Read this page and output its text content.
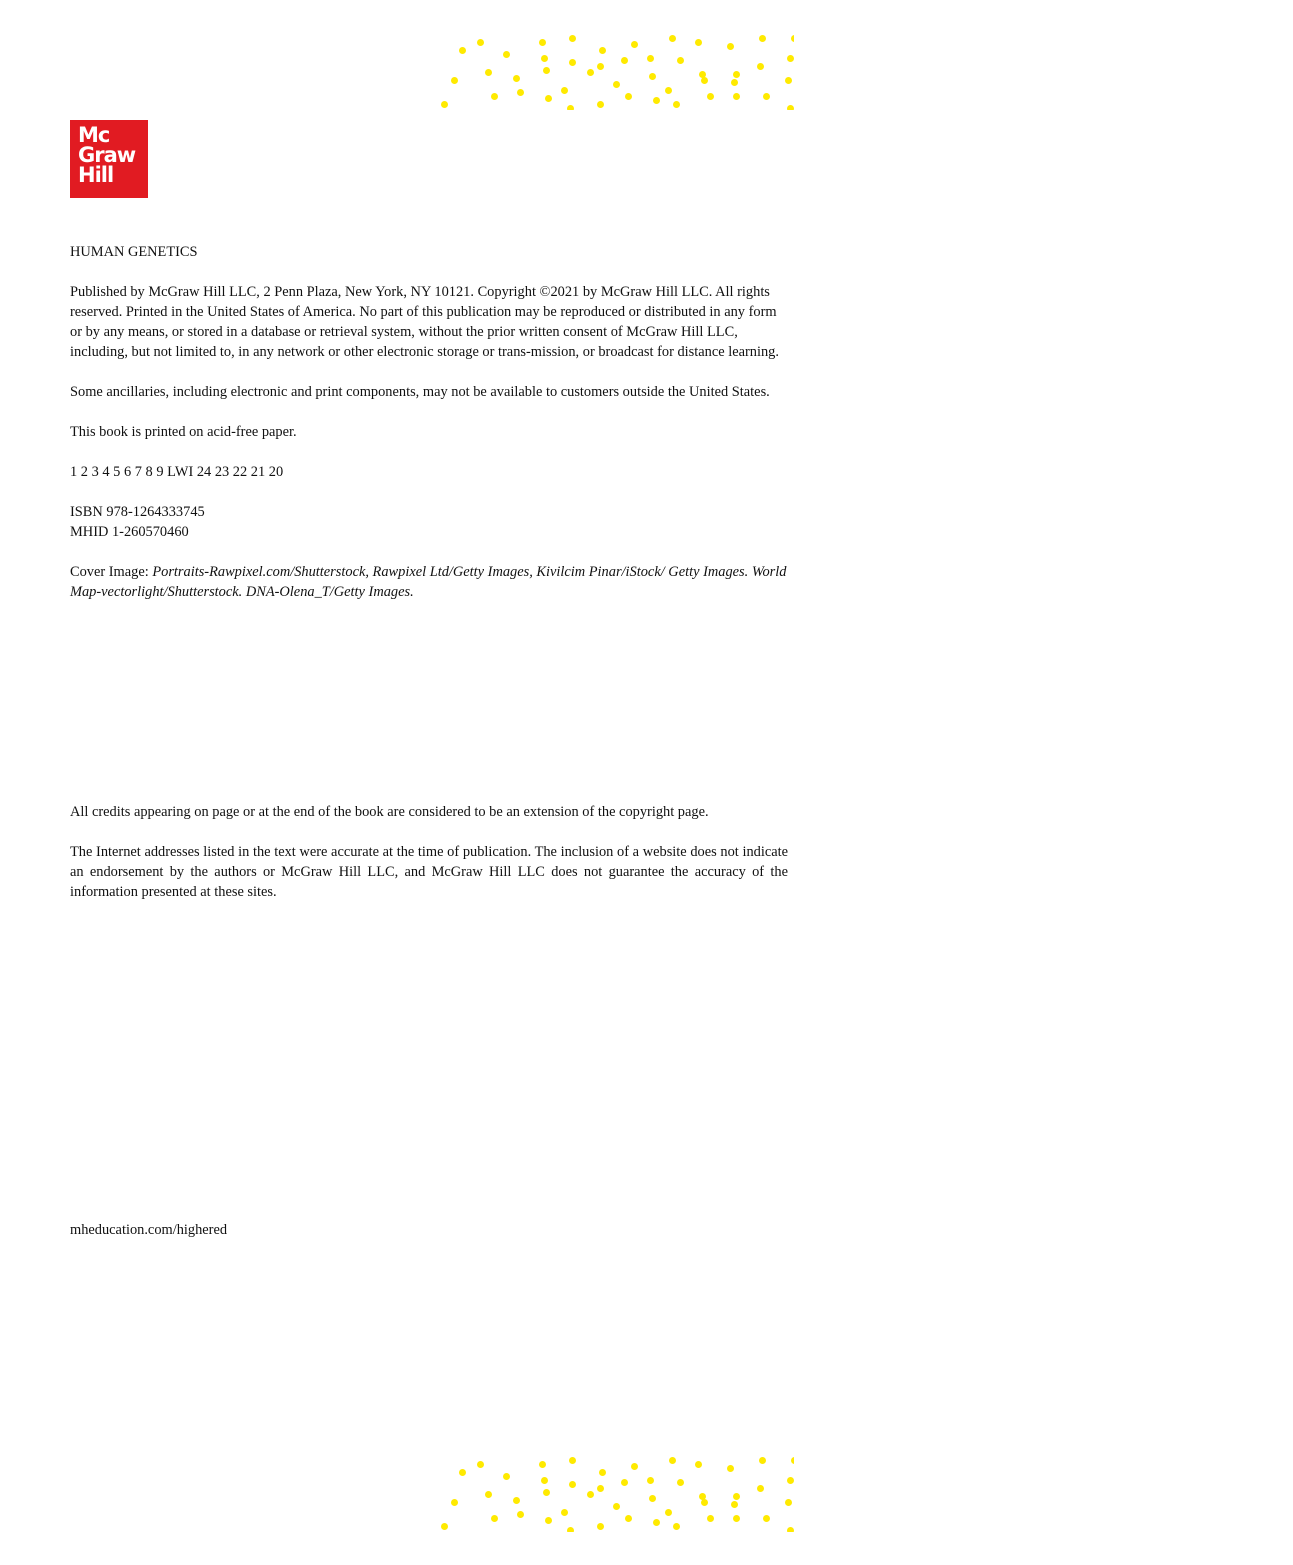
Mc
Graw
Hill

HUMAN GENETICS

Published by McGraw Hill LLC, 2 Penn Plaza, New York, NY 10121. Copyright ©2021 by McGraw Hill LLC. All rights reserved. Printed in the United States of America. No part of this publication may be reproduced or distributed in any form or by any means, or stored in a database or retrieval system, without the prior written consent of McGraw Hill LLC, including, but not limited to, in any network or other electronic storage or trans-mission, or broadcast for distance learning.

Some ancillaries, including electronic and print components, may not be available to customers outside the United States.

This book is printed on acid-free paper.

1 2 3 4 5 6 7 8 9 LWI 24 23 22 21 20

ISBN 978-1264333745
MHID 1-260570460

Cover Image: Portraits-Rawpixel.com/Shutterstock, Rawpixel Ltd/Getty Images, Kivilcim Pinar/iStock/ Getty Images. World Map-vectorlight/Shutterstock. DNA-Olena_T/Getty Images.

All credits appearing on page or at the end of the book are considered to be an extension of the copyright page.

The Internet addresses listed in the text were accurate at the time of publication. The inclusion of a website does not indicate an endorsement by the authors or McGraw Hill LLC, and McGraw Hill LLC does not guarantee the accuracy of the information presented at these sites.

mheducation.com/highered
